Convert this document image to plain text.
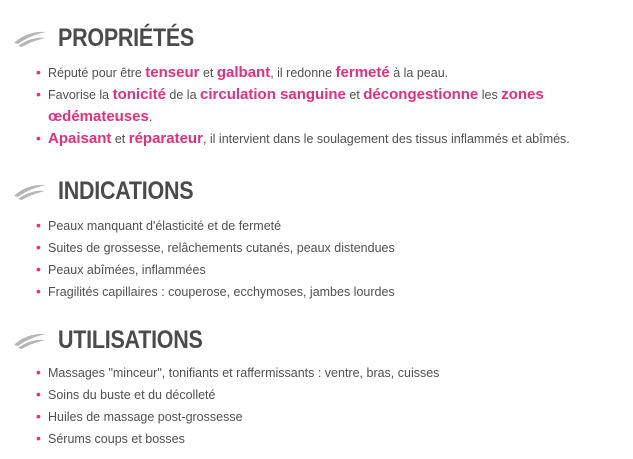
PROPRIÉTÉS
• Réputé pour être tenseur et galbant, il redonne fermeté à la peau.
• Favorise la tonicité de la circulation sanguine et décongestionne les zones œdémateuses.
• Apaisant et réparateur, il intervient dans le soulagement des tissus inflammés et abîmés.
INDICATIONS
• Peaux manquant d'élasticité et de fermeté
• Suites de grossesse, relâchements cutanés, peaux distendues
• Peaux abîmées, inflammées
• Fragilités capillaires : couperose, ecchymoses, jambes lourdes
UTILISATIONS
• Massages "minceur", tonifiants et raffermissants : ventre, bras, cuisses
• Soins du buste et du décolleté
• Huiles de massage post-grossesse
• Sérums coups et bosses
